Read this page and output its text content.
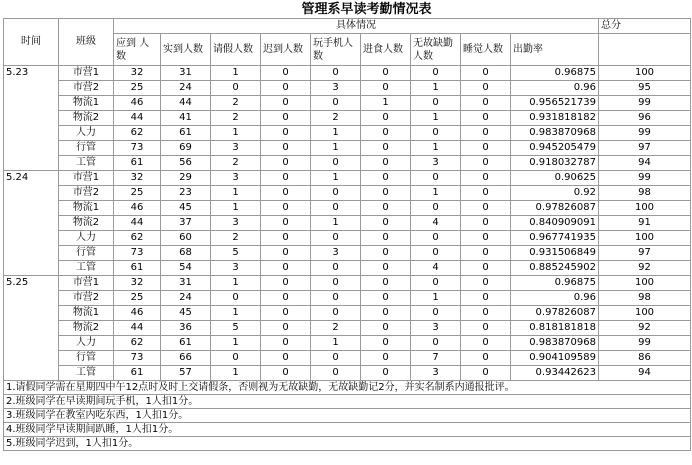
管理系早读考勤情况表
时间	班级	具体情况									总分
		应到 人数	实到人数	请假人数	迟到人数	玩手机人数	进食人数	无故缺勤人数	睡觉人数	出勤率	
5.23	市营1	32	31	1	0	0	0	0	0	0.96875	100
	市营2	25	24	0	0	3	0	1	0	0.96	95
	物流1	46	44	2	0	0	1	0	0	0.956521739	99
	物流2	44	41	2	0	2	0	1	0	0.931818182	96
	人力	62	61	1	0	1	0	0	0	0.983870968	99
	行管	73	69	3	0	1	0	1	0	0.945205479	97
	工管	61	56	2	0	0	0	3	0	0.918032787	94
5.24	市营1	32	29	3	0	1	0	0	0	0.90625	99
	市营2	25	23	1	0	0	0	1	0	0.92	98
	物流1	46	45	1	0	0	0	0	0	0.97826087	100
	物流2	44	37	3	0	1	0	4	0	0.840909091	91
	人力	62	60	2	0	0	0	0	0	0.967741935	100
	行管	73	68	5	0	3	0	0	0	0.931506849	97
	工管	61	54	3	0	0	0	4	0	0.885245902	92
5.25	市营1	32	31	1	0	0	0	0	0	0.96875	100
	市营2	25	24	0	0	0	0	1	0	0.96	98
	物流1	46	45	1	0	0	0	0	0	0.97826087	100
	物流2	44	36	5	0	2	0	3	0	0.818181818	92
	人力	62	61	1	0	1	0	0	0	0.983870968	99
	行管	73	66	0	0	0	0	7	0	0.904109589	86
	工管	61	57	1	0	0	0	3	0	0.93442623	94
1.请假同学需在星期四中午12点时及时上交请假条，否则视为无故缺勤，无故缺勤记2分，并实名制系内通报批评。											
2.班级同学在早读期间玩手机，1人扣1分。											
3.班级同学在教室内吃东西，1人扣1分。											
4.班级同学早读期间趴睡，1人扣1分。											
5.班级同学迟到，1人扣1分。											
